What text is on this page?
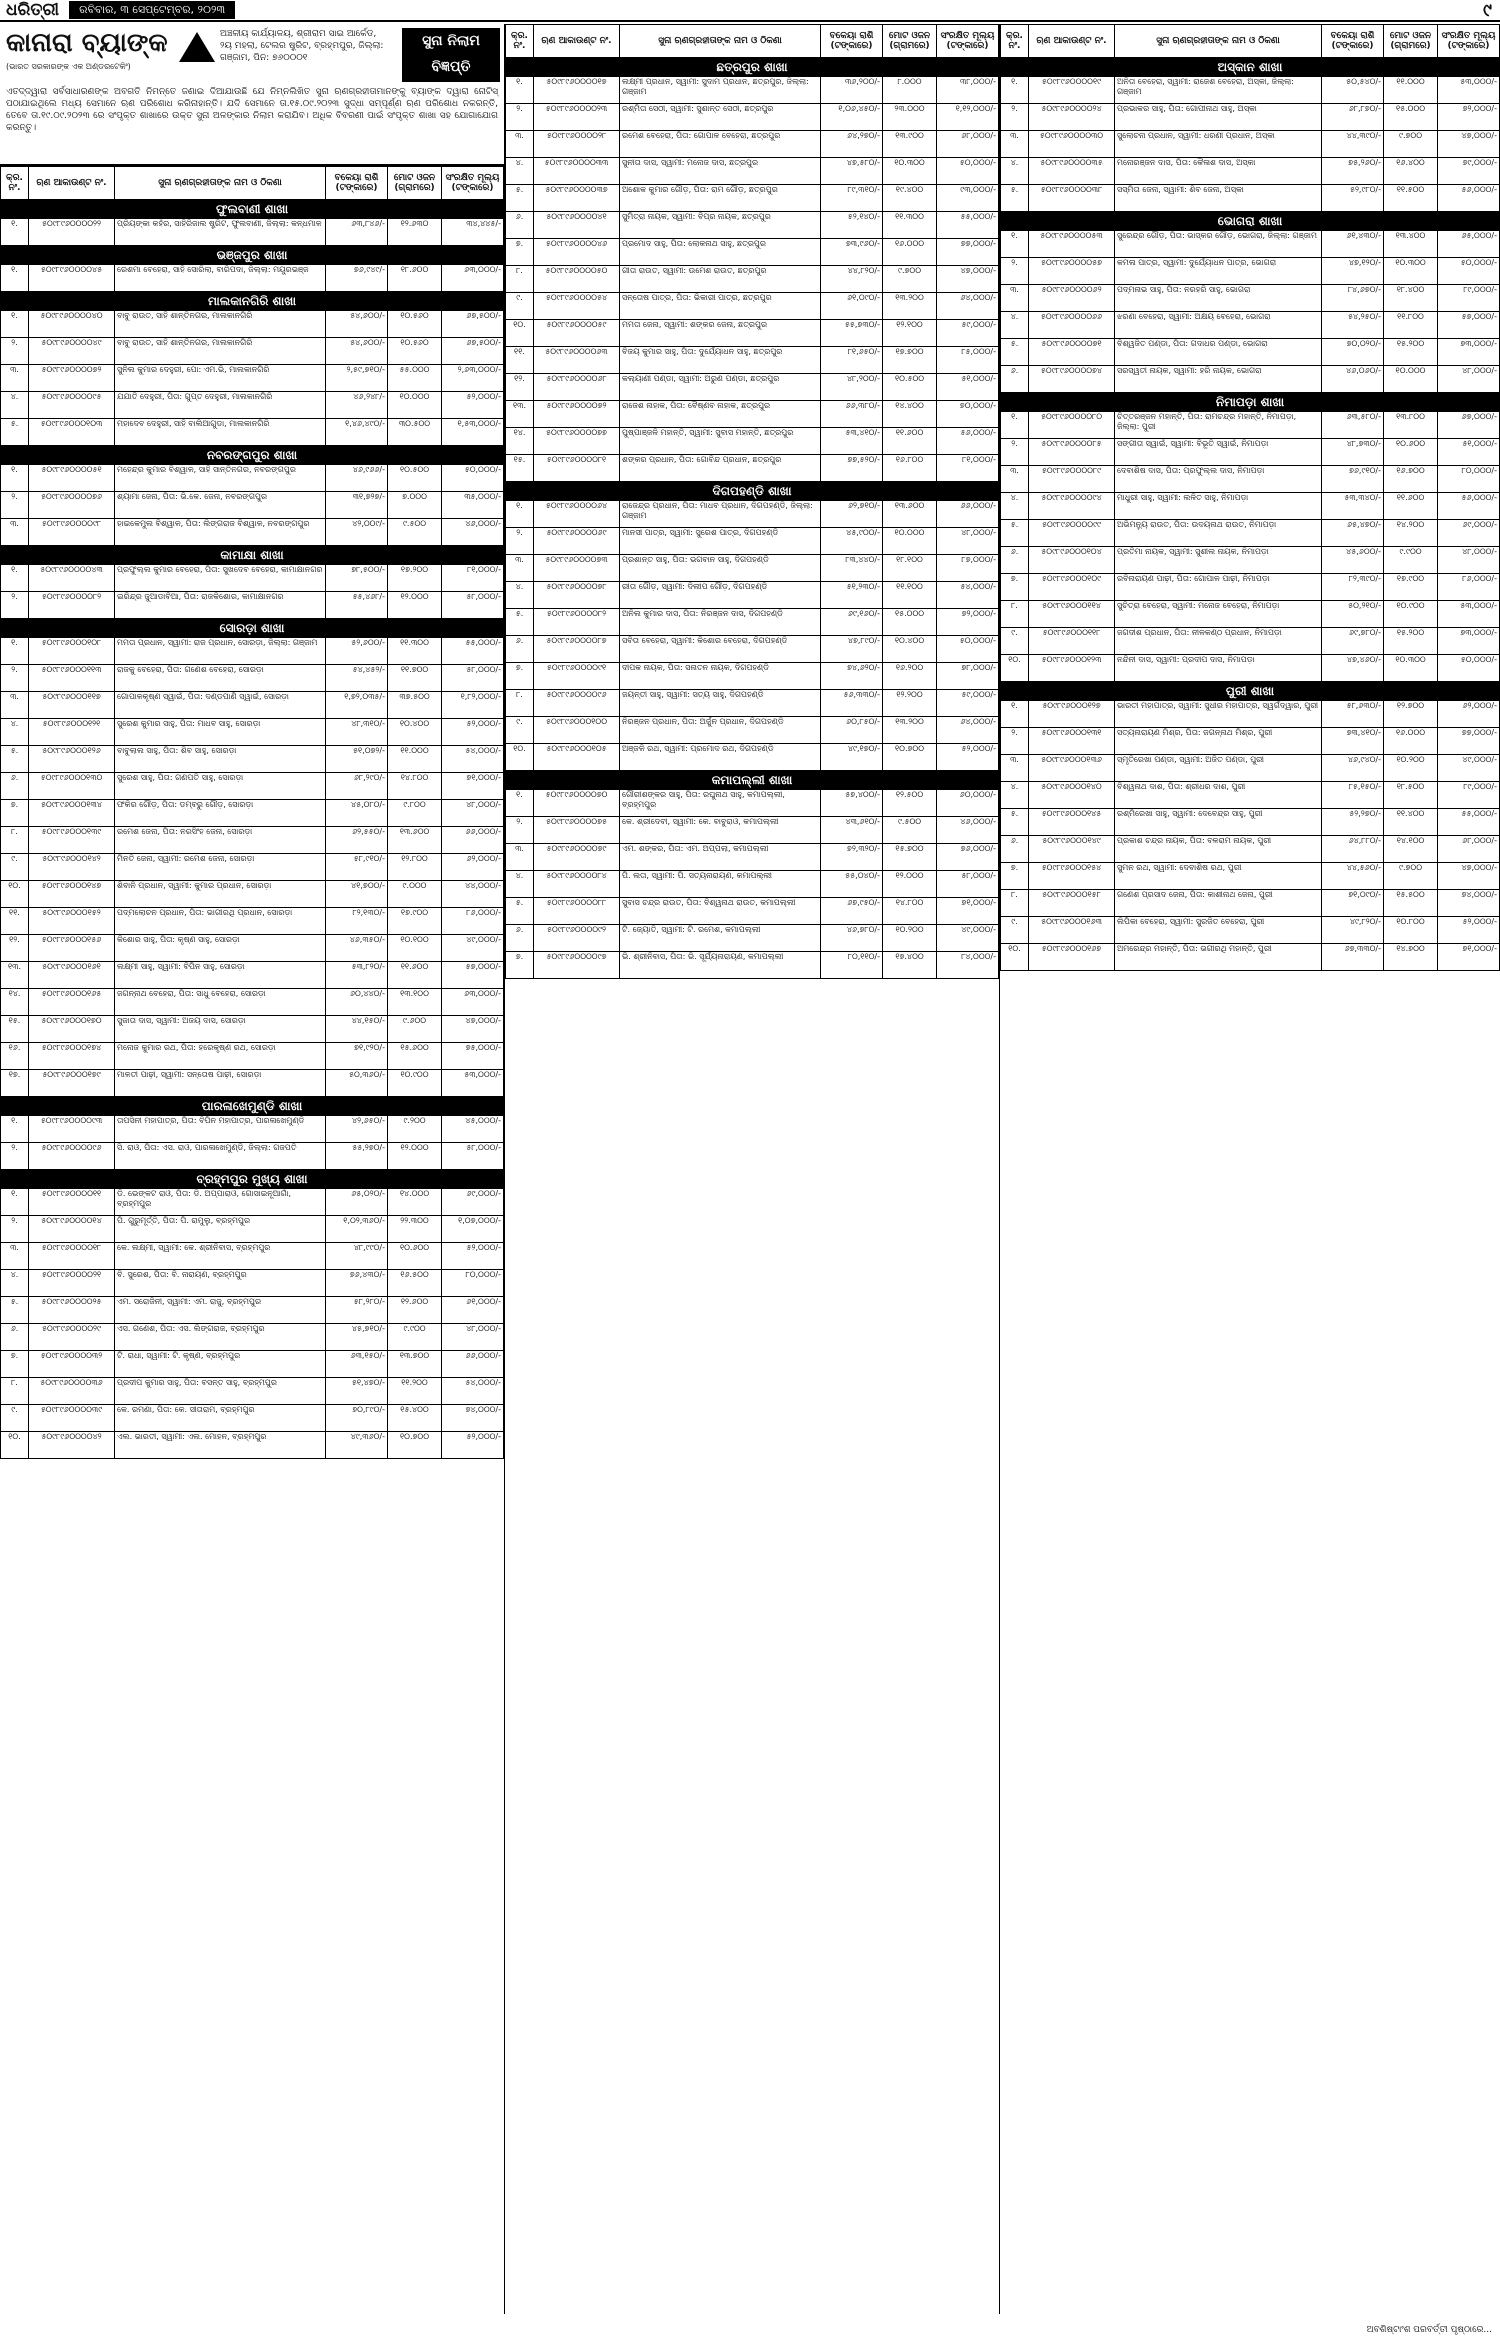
ଧରିତ୍ରୀ	ରବିବାର, ୩ ସେପ୍ଟେମ୍ବର, ୨୦୨୩	୯
କାନାରା ବ୍ୟାଙ୍କ
(ଭାରତ ସରକାରଙ୍କ ଏକ ଅଣ୍ଡରଟେକିଂ)
ଅଞ୍ଚଳୀୟ କାର୍ଯ୍ୟାଳୟ, ଶ୍ରୀରାମ ସାଇ ଆର୍କେଡ, ୨ୟ ମହଲା, ଟେଲର ଷ୍ଟ୍ରିଟ, ବ୍ରହ୍ମପୁର, ଜିଲ୍ଲା: ଗଞ୍ଜାମ, ପିନ: ୭୬୦୦୦୧
ସୁନା ନିଲାମ
ବିଜ୍ଞପ୍ତି
ଏତଦ୍‌ଦ୍ୱାରା ସର୍ବସାଧାରଣଙ୍କ ଅବଗତି ନିମନ୍ତେ ଜଣାଇ ଦିଆଯାଉଛି ଯେ ନିମ୍ନଲିଖିତ ସୁନା ଋଣଗ୍ରହୀତାମାନଙ୍କୁ ବ୍ୟାଙ୍କ ଦ୍ୱାରା ନୋଟିସ୍ ପଠାଯାଇଥିଲେ ମଧ୍ୟ ସେମାନେ ଋଣ ପରିଶୋଧ କରିନାହାନ୍ତି। ଯଦି ସେମାନେ ତା.୧୫.୦୯.୨୦୨୩ ସୁଦ୍ଧା ସମ୍ପୂର୍ଣ୍ଣ ଋଣ ପରିଶୋଧ ନକରନ୍ତି, ତେବେ ତା.୧୯.୦୯.୨୦୨୩ ରେ ସଂପୃକ୍ତ ଶାଖାରେ ଉକ୍ତ ସୁନା ଅଳଙ୍କାର ନିଲାମ କରାଯିବ। ଅଧିକ ବିବରଣୀ ପାଇଁ ସଂପୃକ୍ତ ଶାଖା ସହ ଯୋଗାଯୋଗ କରନ୍ତୁ।
କ୍ର. ନଂ.	ଋଣ ଆକାଉଣ୍ଟ ନଂ.	ସୁନା ଋଣଗ୍ରହୀତାଙ୍କ ନାମ ଓ ଠିକଣା	ବକେୟା ରାଶି (ଟଙ୍କାରେ)	ମୋଟ ଓଜନ (ଗ୍ରାମରେ)	ସଂରକ୍ଷିତ ମୂଲ୍ୟ (ଟଙ୍କାରେ)
ଫୁଲବାଣୀ ଶାଖା					
୧.	୫୦୯୮୯୬୦୦୦୦୨୨	ପ୍ରିୟଙ୍କା କହଁର, ସାହିରିଜାଲ ଷ୍ଟ୍ରିଟ, ଫୁଲବାଣୀ, ଜିଲ୍ଲା: କନ୍ଧମାଳ	୬୩,୮୪୬/-	୧୨.୬୩୦	୩୪,୪୪୫/-
ଭଞ୍ଜପୁର ଶାଖା					
୧.	୫୦୯୮୯୬୦୦୦୦୪୫	ରେଶମା ବେହେରା, ସାହି ସୋରିଲା, ବାରିପଦା, ଜିଲ୍ଲା: ମୟୂରଭଞ୍ଜ	୭୬,୯୪୯/-	୧୮.୬୦୦	୬୩,୦୦୦/-
ମାଲକାନଗିରି ଶାଖା					
୧.	୫୦୯୮୯୬୦୦୦୦୪୦	ବାବୁ ରାଉତ, ସାହି ଶାନ୍ତିନଗର, ମାଲକାନଗିରି	୫୪,୬୦୦/-	୧୦.୫୬୦	୬୭,୫୦୦/-
୨.	୫୦୯୮୯୬୦୦୦୦୪୯	ବାବୁ ରାଉତ, ସାହି ଶାନ୍ତିନଗର, ମାଲକାନଗିରି	୫୪,୬୦୦/-	୧୦.୫୬୦	୬୭,୫୦୦/-
୩.	୫୦୯୮୯୬୦୦୦୦୭୨	ସୁନିଲ କୁମାର ଦେହୁରୀ, ପୋ: ଏମ.ଭି, ମାଲକାନଗିରି	୨,୫୯,୭୧୦/-	୫୫.୦୦୦	୨,୬୩,୦୦୦/-
୪.	୫୦୯୮୯୬୦୦୦୦୯୫	ଯଯାତି ଦେହୁରୀ, ପିତା: ଗୁପ୍ତ ଦେହୁରୀ, ମାଲକାନଗିରି	୪୬,୨୪୮/-	୧୦.୦୦୦	୫୨,୦୦୦/-
୫.	୫୦୯୮୯୬୦୦୦୧୦୩	ମହାଦେବ ଦେହୁରୀ, ସାହି ବାଲିଆଗୁଡା, ମାଲକାନଗିରି	୧,୪୬,୪୯୦/-	୩୦.୫୦୦	୧,୫୩,୦୦୦/-
ନବରଙ୍ଗପୁର ଶାଖା					
୧.	୫୦୯୮୯୬୦୦୦୦୫୧	ମହେନ୍ଦ୍ର କୁମାର ବିଶ୍ୱାଳ, ସାହି ସାନ୍ତିନଗର, ନବରଙ୍ଗପୁର	୪୬,୯୬୬/-	୧୦.୫୦୦	୫୦,୦୦୦/-
୨.	୫୦୯୮୯୬୦୦୦୦୭୬	ଶ୍ୟାମା ଜେନା, ପିତା: ଭି.କେ. ଜେନା, ନବରଙ୍ଗପୁର	୩୧,୭୨୭/-	୭.୦୦୦	୩୫,୦୦୦/-
୩.	୫୦୯୮୯୬୦୦୦୦୯୮	ହାଇକେମୁଲ ବିଶ୍ୱାଳ, ପିତା: ଲିଙ୍ଗରାଜ ବିଶ୍ୱାଳ, ନବରଙ୍ଗପୁର	୪୨,୦୦୯/-	୯.୫୦୦	୪୬,୦୦୦/-
କାମାକ୍ଷା ଶାଖା					
୧.	୫୦୯୮୯୬୦୦୦୦୪୩	ପ୍ରଫୁଲ୍ଲ କୁମାର ବେହେରା, ପିତା: ସୁଖଦେବ ବେହେରା, କାମାକ୍ଷାନଗର	୭୮,୫୦୦/-	୧୭.୨୦୦	୮୧,୦୦୦/-
୨.	୫୦୯୮୯୬୦୦୦୦୮୨	ଇରିନ୍ଦ୍ର ଜୁଆଡାବିଆ, ପିତା: ରାଜକିଶୋର, କାମାକ୍ଷାନଗର	୫୫,୪୬୮/-	୧୨.୦୦୦	୫୮,୦୦୦/-
ସୋରଡ଼ା ଶାଖା					
୧.	୫୦୯୮୯୬୦୦୦୧୦୮	ମମତା ପ୍ରଧାନ, ସ୍ୱାମୀ: ରାଜ ପ୍ରଧାନ, ସୋରଡ଼ା, ଜିଲ୍ଲା: ଗଞ୍ଜାମ	୫୨,୬୦୦/-	୧୧.୩୦୦	୫୫,୦୦୦/-
୨.	୫୦୯୮୯୬୦୦୦୧୧୩	ରାଜକୁ ବେହେରା, ପିତା: ଗଣେଶ ବେହେରା, ସୋରଡ଼ା	୫୪,୪୫୨/-	୧୧.୭୦୦	୫୮,୦୦୦/-
୩.	୫୦୯୮୯୬୦୦୦୧୧୭	ଗୋପାଳକୃଷ୍ଣ ସ୍ୱାଇଁ, ପିତା: ଦଣ୍ଡପାଣି ସ୍ୱାଇଁ, ସୋରଡ଼ା	୧,୭୨,୦୩୫/-	୩୭.୫୦୦	୧,୮୨,୦୦୦/-
୪.	୫୦୯୮୯୬୦୦୦୧୨୧	ସୁରେଶ କୁମାର ସାହୁ, ପିତା: ମାଧବ ସାହୁ, ସୋରଡ଼ା	୪୮,୩୧୦/-	୧୦.୪୦୦	୫୨,୦୦୦/-
୫.	୫୦୯୮୯୬୦୦୦୧୨୬	ବାବୁଲାଲ ସାହୁ, ପିତା: ଶିବ ସାହୁ, ସୋରଡ଼ା	୫୧,୦୭୨/-	୧୧.୦୦୦	୫୪,୦୦୦/-
୬.	୫୦୯୮୯୬୦୦୦୧୩୦	ସୁରେଶ ସାହୁ, ପିତା: ଗଣପତି ସାହୁ, ସୋରଡ଼ା	୬୮,୨୯୦/-	୧୪.୮୦୦	୭୧,୦୦୦/-
୭.	୫୦୯୮୯୬୦୦୦୧୩୪	ଫକିର ଗୌଡ଼, ପିତା: ଡମ୍ବରୁ ଗୌଡ଼, ସୋରଡ଼ା	୪୫,୦୮୦/-	୯.୮୦୦	୪୮,୦୦୦/-
୮.	୫୦୯୮୯୬୦୦୦୧୩୯	ରମେଶ ଜେନା, ପିତା: ନରସିଂହ ଜେନା, ସୋରଡ଼ା	୬୨,୫୫୦/-	୧୩.୬୦୦	୬୬,୦୦୦/-
୯.	୫୦୯୮୯୬୦୦୦୧୪୨	ମିନତି ଜେନା, ସ୍ୱାମୀ: ରମେଶ ଜେନା, ସୋରଡ଼ା	୫୮,୯୧୦/-	୧୨.୮୦୦	୬୨,୦୦୦/-
୧୦.	୫୦୯୮୯୬୦୦୦୧୪୭	ଶିବାନି ପ୍ରଧାନ, ସ୍ୱାମୀ: କୁମାର ପ୍ରଧାନ, ସୋରଡ଼ା	୪୧,୭୦୦/-	୯.୦୦୦	୪୪,୦୦୦/-
୧୧.	୫୦୯୮୯୬୦୦୦୧୫୨	ପଦ୍ମଲୋଚନ ପ୍ରଧାନ, ପିତା: ଭାଗୀରଥି ପ୍ରଧାନ, ସୋରଡ଼ା	୮୨,୧୩୦/-	୧୭.୯୦୦	୮୬,୦୦୦/-
୧୨.	୫୦୯୮୯୬୦୦୦୧୫୬	କିଶୋର ସାହୁ, ପିତା: କୃଷ୍ଣ ସାହୁ, ସୋରଡ଼ା	୪୬,୩୫୦/-	୧୦.୧୦୦	୪୯,୦୦୦/-
୧୩.	୫୦୯୮୯୬୦୦୦୧୬୧	ଲକ୍ଷ୍ମୀ ସାହୁ, ସ୍ୱାମୀ: ବିପିନ ସାହୁ, ସୋରଡ଼ା	୫୩,୮୨୦/-	୧୧.୬୦୦	୫୭,୦୦୦/-
୧୪.	୫୦୯୮୯୬୦୦୦୧୬୫	ଜଗନ୍ନାଥ ବେହେରା, ପିତା: ସାଧୁ ବେହେରା, ସୋରଡ଼ା	୬୦,୪୪୦/-	୧୩.୧୦୦	୬୩,୦୦୦/-
୧୫.	୫୦୯୮୯୬୦୦୦୧୭୦	ସୁଜାତା ଦାସ, ସ୍ୱାମୀ: ଅଜୟ ଦାସ, ସୋରଡ଼ା	୪୪,୧୫୦/-	୯.୬୦୦	୪୭,୦୦୦/-
୧୬.	୫୦୯୮୯୬୦୦୦୧୭୪	ମନୋଜ କୁମାର ରଥ, ପିତା: ହରେକୃଷ୍ଣ ରଥ, ସୋରଡ଼ା	୭୧,୯୨୦/-	୧୫.୬୦୦	୭୫,୦୦୦/-
୧୭.	୫୦୯୮୯୬୦୦୦୧୭୯	ମାଳତୀ ପାଢ଼ୀ, ସ୍ୱାମୀ: ସନ୍ତୋଷ ପାଢ଼ୀ, ସୋରଡ଼ା	୫୦,୩୬୦/-	୧୦.୯୦୦	୫୩,୦୦୦/-
ପାରଳାଖେମୁଣ୍ଡି ଶାଖା					
୧.	୫୦୯୮୯୬୦୦୦୦୯୩	ତାପସିନୀ ମହାପାତ୍ର, ପିତା: ବିପିନ ମହାପାତ୍ର, ପାରଳାଖେମୁଣ୍ଡି	୪୨,୬୫୦/-	୯.୨୦୦	୪୫,୦୦୦/-
୨.	୫୦୯୮୯୬୦୦୦୦୯୬	ସି. ରାଓ, ପିତା: ଏସ. ରାଓ, ପାରଳାଖେମୁଣ୍ଡି, ଜିଲ୍ଲା: ଗଜପତି	୫୫,୨୭୦/-	୧୨.୦୦୦	୫୮,୦୦୦/-
ବ୍ରହ୍ମପୁର ମୁଖ୍ୟ ଶାଖା					
୧.	୫୦୯୮୯୬୦୦୦୦୧୧	ଡି. ଭେଙ୍କଟ ରାଓ, ପିତା: ଡି. ଅପ୍ପାରାଓ, ଗୋସାଇନୂଆଗାଁ, ବ୍ରହ୍ମପୁର	୬୫,୦୨୦/-	୧୪.୦୦୦	୬୯,୦୦୦/-
୨.	୫୦୯୮୯୬୦୦୦୦୧୪	ପି. ଗୁରୁମୂର୍ତ୍ତି, ପିତା: ପି. ରାମୁଲୁ, ବ୍ରହ୍ମପୁର	୧,୦୨,୩୬୦/-	୨୨.୩୦୦	୧,୦୭,୦୦୦/-
୩.	୫୦୯୮୯୬୦୦୦୦୧୮	କେ. ଲକ୍ଷ୍ମୀ, ସ୍ୱାମୀ: କେ. ଶ୍ରୀନିବାସ, ବ୍ରହ୍ମପୁର	୪୮,୯୯୦/-	୧୦.୬୦୦	୫୨,୦୦୦/-
୪.	୫୦୯୮୯୬୦୦୦୦୨୧	ବି. ସୁରେଶ, ପିତା: ବି. ନାରାୟଣ, ବ୍ରହ୍ମପୁର	୭୬,୪୩୦/-	୧୬.୫୦୦	୮୦,୦୦୦/-
୫.	୫୦୯୮୯୬୦୦୦୦୨୫	ଏମ. ସରୋଜିନୀ, ସ୍ୱାମୀ: ଏମ. ରାଜୁ, ବ୍ରହ୍ମପୁର	୫୮,୨୮୦/-	୧୨.୬୦୦	୬୧,୦୦୦/-
୬.	୫୦୯୮୯୬୦୦୦୦୨୯	ଏସ. ଗଣେଶ, ପିତା: ଏସ. ଲିଙ୍ଗରାଜ, ବ୍ରହ୍ମପୁର	୪୫,୭୧୦/-	୯.୯୦୦	୪୮,୦୦୦/-
୭.	୫୦୯୮୯୬୦୦୦୦୩୨	ଟି. ରାଧା, ସ୍ୱାମୀ: ଟି. କୃଷ୍ଣ, ବ୍ରହ୍ମପୁର	୬୩,୧୫୦/-	୧୩.୭୦୦	୬୬,୦୦୦/-
୮.	୫୦୯୮୯୬୦୦୦୦୩୬	ପ୍ରଦୀପ କୁମାର ସାହୁ, ପିତା: ବସନ୍ତ ସାହୁ, ବ୍ରହ୍ମପୁର	୫୧,୪୭୦/-	୧୧.୨୦୦	୫୪,୦୦୦/-
୯.	୫୦୯୮୯୬୦୦୦୦୩୯	କେ. ରମଣା, ପିତା: କେ. ସୀତାରାମ, ବ୍ରହ୍ମପୁର	୭୦,୮୯୦/-	୧୫.୪୦୦	୭୪,୦୦୦/-
୧୦.	୫୦୯୮୯୬୦୦୦୦୪୨	ଏଲ. ଭାରତୀ, ସ୍ୱାମୀ: ଏଲ. ମୋହନ, ବ୍ରହ୍ମପୁର	୪୯,୩୬୦/-	୧୦.୭୦୦	୫୨,୦୦୦/-
କ୍ର. ନଂ.	ଋଣ ଆକାଉଣ୍ଟ ନଂ.	ସୁନା ଋଣଗ୍ରହୀତାଙ୍କ ନାମ ଓ ଠିକଣା	ବକେୟା ରାଶି (ଟଙ୍କାରେ)	ମୋଟ ଓଜନ (ଗ୍ରାମରେ)	ସଂରକ୍ଷିତ ମୂଲ୍ୟ (ଟଙ୍କାରେ)
ଛତ୍ରପୁର ଶାଖା					
୧.	୫୦୯୮୯୬୦୦୦୦୧୭	ଲକ୍ଷ୍ମୀ ପ୍ରଧାନ, ସ୍ୱାମୀ: ସୁଦାମ ପ୍ରଧାନ, ଛତ୍ରପୁର, ଜିଲ୍ଲା: ଗଞ୍ଜାମ	୩୬,୨୦୦/-	୮.୦୦୦	୩୮,୦୦୦/-
୨.	୫୦୯୮୯୬୦୦୦୦୨୩	ରଶ୍ମିତା ସେଠୀ, ସ୍ୱାମୀ: ସୁଶାନ୍ତ ସେଠୀ, ଛତ୍ରପୁର	୧,୦୬,୪୫୦/-	୨୩.୦୦୦	୧,୧୨,୦୦୦/-
୩.	୫୦୯୮୯୬୦୦୦୦୨୮	ରମେଶ ବେହେରା, ପିତା: ଗୋପାଳ ବେହେରା, ଛତ୍ରପୁର	୬୪,୨୭୦/-	୧୩.୯୦୦	୬୮,୦୦୦/-
୪.	୫୦୯୮୯୬୦୦୦୦୩୩	ସୁନୀତା ଦାସ, ସ୍ୱାମୀ: ମନୋଜ ଦାସ, ଛତ୍ରପୁର	୪୭,୫୮୦/-	୧୦.୩୦୦	୫୦,୦୦୦/-
୫.	୫୦୯୮୯୬୦୦୦୦୩୭	ଅଶୋକ କୁମାର ଗୌଡ଼, ପିତା: ରାମ ଗୌଡ଼, ଛତ୍ରପୁର	୮୯,୩୧୦/-	୧୯.୪୦୦	୯୩,୦୦୦/-
୬.	୫୦୯୮୯୬୦୦୦୦୪୧	ସୁମିତ୍ରା ନାୟକ, ସ୍ୱାମୀ: ବିପ୍ର ନାୟକ, ଛତ୍ରପୁର	୫୨,୧୪୦/-	୧୧.୩୦୦	୫୫,୦୦୦/-
୭.	୫୦୯୮୯୬୦୦୦୦୪୬	ପ୍ରମୋଦ ସାହୁ, ପିତା: ଲୋକନାଥ ସାହୁ, ଛତ୍ରପୁର	୭୩,୯୬୦/-	୧୬.୦୦୦	୭୭,୦୦୦/-
୮.	୫୦୯୮୯୬୦୦୦୦୫୦	ଗୀତା ରାଉତ, ସ୍ୱାମୀ: ଉମେଶ ରାଉତ, ଛତ୍ରପୁର	୪୪,୮୨୦/-	୯.୭୦୦	୪୭,୦୦୦/-
୯.	୫୦୯୮୯୬୦୦୦୦୫୪	ସନ୍ତୋଷ ପାତ୍ର, ପିତା: ଭିକାରୀ ପାତ୍ର, ଛତ୍ରପୁର	୬୧,୦୯୦/-	୧୩.୨୦୦	୬୪,୦୦୦/-
୧୦.	୫୦୯୮୯୬୦୦୦୦୫୯	ମମତା ଜେନା, ସ୍ୱାମୀ: ଶଙ୍କର ଜେନା, ଛତ୍ରପୁର	୫୫,୭୩୦/-	୧୨.୧୦୦	୫୯,୦୦୦/-
୧୧.	୫୦୯୮୯୬୦୦୦୦୬୩	ବିଜୟ କୁମାର ସାହୁ, ପିତା: ଦୁର୍ଯ୍ୟୋଧନ ସାହୁ, ଛତ୍ରପୁର	୮୧,୬୫୦/-	୧୭.୭୦୦	୮୫,୦୦୦/-
୧୨.	୫୦୯୮୯୬୦୦୦୦୬୮	କଲ୍ୟାଣୀ ପଣ୍ଡା, ସ୍ୱାମୀ: ଅରୁଣ ପଣ୍ଡା, ଛତ୍ରପୁର	୪୮,୨୦୦/-	୧୦.୫୦୦	୫୧,୦୦୦/-
୧୩.	୫୦୯୮୯୬୦୦୦୦୭୨	ରାଜେଶ ନାହାକ, ପିତା: ବୈଷ୍ଣବ ନାହାକ, ଛତ୍ରପୁର	୬୬,୩୮୦/-	୧୪.୪୦୦	୭୦,୦୦୦/-
୧୪.	୫୦୯୮୯୬୦୦୦୦୭୭	ପୁଷ୍ପାଞ୍ଜଳି ମହାନ୍ତି, ସ୍ୱାମୀ: ସୁବାସ ମହାନ୍ତି, ଛତ୍ରପୁର	୫୩,୪୧୦/-	୧୧.୬୦୦	୫୬,୦୦୦/-
୧୫.	୫୦୯୮୯୬୦୦୦୦୮୧	ଶଙ୍କର ପ୍ରଧାନ, ପିତା: ଗୋବିନ୍ଦ ପ୍ରଧାନ, ଛତ୍ରପୁର	୭୭,୫୨୦/-	୧୬.୮୦୦	୮୧,୦୦୦/-
ଦିଗପହଣ୍ଡି ଶାଖା					
୧.	୫୦୯୮୯୬୦୦୦୦୬୪	ରାଜେନ୍ଦ୍ର ପ୍ରଧାନ, ପିତା: ମାଧବ ପ୍ରଧାନ, ଦିଗପହଣ୍ଡି, ଜିଲ୍ଲା: ଗଞ୍ଜାମ	୬୨,୭୧୦/-	୧୩.୬୦୦	୬୬,୦୦୦/-
୨.	୫୦୯୮୯୬୦୦୦୦୬୯	ମାନସୀ ପାତ୍ର, ସ୍ୱାମୀ: ସୁରେଶ ପାତ୍ର, ଦିଗପହଣ୍ଡି	୪୫,୯୦୦/-	୧୦.୦୦୦	୪୮,୦୦୦/-
୩.	୫୦୯୮୯୬୦୦୦୦୭୩	ପ୍ରଶାନ୍ତ ସାହୁ, ପିତା: ଭଗବାନ ସାହୁ, ଦିଗପହଣ୍ଡି	୮୩,୪୪୦/-	୧୮.୧୦୦	୮୭,୦୦୦/-
୪.	୫୦୯୮୯୬୦୦୦୦୭୮	ରୀତା ଗୌଡ଼, ସ୍ୱାମୀ: ଦିଲୀପ ଗୌଡ଼, ଦିଗପହଣ୍ଡି	୫୧,୨୩୦/-	୧୧.୧୦୦	୫୪,୦୦୦/-
୫.	୫୦୯୮୯୬୦୦୦୦୮୨	ଅନିଲ କୁମାର ଦାସ, ପିତା: ନିରଞ୍ଜନ ଦାସ, ଦିଗପହଣ୍ଡି	୬୯,୧୬୦/-	୧୫.୦୦୦	୭୨,୦୦୦/-
୬.	୫୦୯୮୯୬୦୦୦୦୮୭	ସବିତା ବେହେରା, ସ୍ୱାମୀ: କିଶୋର ବେହେରା, ଦିଗପହଣ୍ଡି	୪୭,୮୯୦/-	୧୦.୪୦୦	୫୦,୦୦୦/-
୭.	୫୦୯୮୯୬୦୦୦୦୯୧	ଦୀପକ ନାୟକ, ପିତା: ସନାତନ ନାୟକ, ଦିଗପହଣ୍ଡି	୭୪,୬୨୦/-	୧୬.୨୦୦	୭୮,୦୦୦/-
୮.	୫୦୯୮୯୬୦୦୦୦୯୬	ଜୟନ୍ତୀ ସାହୁ, ସ୍ୱାମୀ: ସତ୍ୟ ସାହୁ, ଦିଗପହଣ୍ଡି	୫୬,୩୩୦/-	୧୨.୨୦୦	୫୯,୦୦୦/-
୯.	୫୦୯୮୯୬୦୦୦୧୦୦	ନିରଞ୍ଜନ ପ୍ରଧାନ, ପିତା: ଅର୍ଜୁନ ପ୍ରଧାନ, ଦିଗପହଣ୍ଡି	୬୦,୮୫୦/-	୧୩.୨୦୦	୬୪,୦୦୦/-
୧୦.	୫୦୯୮୯୬୦୦୦୧୦୫	ଅଞ୍ଜଳି ରଥ, ସ୍ୱାମୀ: ପ୍ରମୋଦ ରଥ, ଦିଗପହଣ୍ଡି	୪୯,୧୭୦/-	୧୦.୭୦୦	୫୨,୦୦୦/-
କମାପଲ୍ଲୀ ଶାଖା					
୧.	୫୦୯୮୯୬୦୦୦୦୭୦	ଗୌରୀଶଙ୍କର ସାହୁ, ପିତା: ରଘୁନାଥ ସାହୁ, କମାପଲ୍ଲୀ, ବ୍ରହ୍ମପୁର	୫୭,୪୦୦/-	୧୨.୫୦୦	୬୦,୦୦୦/-
୨.	୫୦୯୮୯୬୦୦୦୦୭୫	କେ. ଶ୍ରୀଦେବୀ, ସ୍ୱାମୀ: କେ. ବାବୁରାଓ, କମାପଲ୍ଲୀ	୪୩,୬୧୦/-	୯.୫୦୦	୪୬,୦୦୦/-
୩.	୫୦୯୮୯୬୦୦୦୦୭୯	ଏମ. ଶଙ୍କର, ପିତା: ଏମ. ଅପ୍ପଲା, କମାପଲ୍ଲୀ	୭୨,୩୨୦/-	୧୫.୭୦୦	୭୬,୦୦୦/-
୪.	୫୦୯୮୯୬୦୦୦୦୮୪	ପି. ଲତା, ସ୍ୱାମୀ: ପି. ସତ୍ୟନାରାୟଣ, କମାପଲ୍ଲୀ	୫୫,୦୪୦/-	୧୨.୦୦୦	୫୮,୦୦୦/-
୫.	୫୦୯୮୯୬୦୦୦୦୮୮	ସୁବାସ ଚନ୍ଦ୍ର ରାଉତ, ପିତା: ବିଶ୍ୱନାଥ ରାଉତ, କମାପଲ୍ଲୀ	୬୭,୯୫୦/-	୧୪.୮୦୦	୭୧,୦୦୦/-
୬.	୫୦୯୮୯୬୦୦୦୦୯୨	ଟି. ଜ୍ୟୋତି, ସ୍ୱାମୀ: ଟି. ରମେଶ, କମାପଲ୍ଲୀ	୪୬,୭୮୦/-	୧୦.୨୦୦	୪୯,୦୦୦/-
୭.	୫୦୯୮୯୬୦୦୦୦୯୭	ଭି. ଶ୍ରୀନିବାସ, ପିତା: ଭି. ସୂର୍ଯ୍ୟନାରାୟଣ, କମାପଲ୍ଲୀ	୮୦,୧୧୦/-	୧୭.୪୦୦	୮୪,୦୦୦/-
କ୍ର. ନଂ.	ଋଣ ଆକାଉଣ୍ଟ ନଂ.	ସୁନା ଋଣଗ୍ରହୀତାଙ୍କ ନାମ ଓ ଠିକଣା	ବକେୟା ରାଶି (ଟଙ୍କାରେ)	ମୋଟ ଓଜନ (ଗ୍ରାମରେ)	ସଂରକ୍ଷିତ ମୂଲ୍ୟ (ଟଙ୍କାରେ)
ଅସ୍କାନ ଶାଖା					
୧.	୫୦୯୮୯୬୦୦୦୦୧୯	ଅନିତା ବେହେରା, ସ୍ୱାମୀ: ରାଜେଶ ବେହେରା, ଅସ୍କା, ଜିଲ୍ଲା: ଗଞ୍ଜାମ	୫୦,୫୪୦/-	୧୧.୦୦୦	୫୩,୦୦୦/-
୨.	୫୦୯୮୯୬୦୦୦୦୨୪	ପ୍ରଭାକର ସାହୁ, ପିତା: ଗୋପୀନାଥ ସାହୁ, ଅସ୍କା	୬୮,୮୭୦/-	୧୫.୦୦୦	୭୨,୦୦୦/-
୩.	୫୦୯୮୯୬୦୦୦୦୩୦	ସୁଲୋଚନା ପ୍ରଧାନ, ସ୍ୱାମୀ: ଧରଣୀ ପ୍ରଧାନ, ଅସ୍କା	୪୪,୩୯୦/-	୯.୭୦୦	୪୭,୦୦୦/-
୪.	୫୦୯୮୯୬୦୦୦୦୩୫	ମନୋରଞ୍ଜନ ଦାସ, ପିତା: କୈଳାଶ ଦାସ, ଅସ୍କା	୭୫,୨୬୦/-	୧୬.୪୦୦	୭୯,୦୦୦/-
୫.	୫୦୯୮୯୬୦୦୦୦୩୮	ସସ୍ମିତା ଜେନା, ସ୍ୱାମୀ: ଶିବ ଜେନା, ଅସ୍କା	୫୨,୯୮୦/-	୧୧.୫୦୦	୫୬,୦୦୦/-
ଭୋଗରା ଶାଖା					
୧.	୫୦୯୮୯୬୦୦୦୦୫୩	ସୁରେନ୍ଦ୍ର ଗୌଡ଼, ପିତା: ଭାସ୍କର ଗୌଡ଼, ଭୋଗରା, ଜିଲ୍ଲା: ଗଞ୍ଜାମ	୬୧,୪୩୦/-	୧୩.୪୦୦	୬୫,୦୦୦/-
୨.	୫୦୯୮୯୬୦୦୦୦୫୭	କମଳା ପାତ୍ର, ସ୍ୱାମୀ: ଦୁର୍ଯ୍ୟୋଧନ ପାତ୍ର, ଭୋଗରା	୪୭,୧୨୦/-	୧୦.୩୦୦	୫୦,୦୦୦/-
୩.	୫୦୯୮୯୬୦୦୦୦୬୨	ପଦ୍ମନାଭ ସାହୁ, ପିତା: ନରହରି ସାହୁ, ଭୋଗରା	୮୪,୬୭୦/-	୧୮.୪୦୦	୮୯,୦୦୦/-
୪.	୫୦୯୮୯୬୦୦୦୦୬୬	ଝରଣା ବେହେରା, ସ୍ୱାମୀ: ଅକ୍ଷୟ ବେହେରା, ଭୋଗରା	୫୪,୨୫୦/-	୧୧.୮୦୦	୫୭,୦୦୦/-
୫.	୫୦୯୮୯୬୦୦୦୦୭୧	ବିଶ୍ୱଜିତ ପଣ୍ଡା, ପିତା: ଗଦାଧର ପଣ୍ଡା, ଭୋଗରା	୭୦,୦୨୦/-	୧୫.୨୦୦	୭୩,୦୦୦/-
୬.	୫୦୯୮୯୬୦୦୦୦୭୪	ସରସ୍ୱତୀ ନାୟକ, ସ୍ୱାମୀ: ହରି ନାୟକ, ଭୋଗରା	୪୬,୦୬୦/-	୧୦.୦୦୦	୪୮,୦୦୦/-
ନିମାପଡ଼ା ଶାଖା					
୧.	୫୦୯୮୯୬୦୦୦୦୮୦	ଚିତ୍ତରଞ୍ଜନ ମହାନ୍ତି, ପିତା: ରାମଚନ୍ଦ୍ର ମହାନ୍ତି, ନିମାପଡ଼ା, ଜିଲ୍ଲା: ପୁରୀ	୬୩,୫୮୦/-	୧୩.୮୦୦	୬୭,୦୦୦/-
୨.	୫୦୯୮୯୬୦୦୦୦୮୫	ସଙ୍ଗୀତା ସ୍ୱାଇଁ, ସ୍ୱାମୀ: ବିଭୂତି ସ୍ୱାଇଁ, ନିମାପଡ଼ା	୪୮,୭୩୦/-	୧୦.୬୦୦	୫୧,୦୦୦/-
୩.	୫୦୯୮୯୬୦୦୦୦୮୯	ଦେବାଶିଷ ଦାସ, ପିତା: ପ୍ରଫୁଲ୍ଲ ଦାସ, ନିମାପଡ଼ା	୭୬,୯୧୦/-	୧୬.୭୦୦	୮୦,୦୦୦/-
୪.	୫୦୯୮୯୬୦୦୦୦୯୪	ମାଧୁରୀ ସାହୁ, ସ୍ୱାମୀ: ଲଳିତ ସାହୁ, ନିମାପଡ଼ା	୫୩,୩୪୦/-	୧୧.୬୦୦	୫୬,୦୦୦/-
୫.	୫୦୯୮୯୬୦୦୦୦୯୯	ଅଭିମନ୍ୟୁ ରାଉତ, ପିତା: ଉଦୟନାଥ ରାଉତ, ନିମାପଡ଼ା	୬୫,୪୭୦/-	୧୪.୨୦୦	୬୯,୦୦୦/-
୬.	୫୦୯୮୯୬୦୦୦୧୦୪	ପ୍ରତିମା ନାୟକ, ସ୍ୱାମୀ: ସୁଶୀଲ ନାୟକ, ନିମାପଡ଼ା	୪୫,୬୦୦/-	୯.୯୦୦	୪୮,୦୦୦/-
୭.	୫୦୯୮୯୬୦୦୦୧୦୯	ରବିନାରାୟଣ ପାଢ଼ୀ, ପିତା: ଗୋପାଳ ପାଢ଼ୀ, ନିମାପଡ଼ା	୮୨,୩୯୦/-	୧୭.୯୦୦	୮୬,୦୦୦/-
୮.	୫୦୯୮୯୬୦୦୦୧୧୪	ସୁଚିତ୍ରା ବେହେରା, ସ୍ୱାମୀ: ମନୋଜ ବେହେରା, ନିମାପଡ଼ା	୫୦,୨୧୦/-	୧୦.୯୦୦	୫୩,୦୦୦/-
୯.	୫୦୯୮୯୬୦୦୦୧୧୮	ଜଗଦୀଶ ପ୍ରଧାନ, ପିତା: ନୀଳକଣ୍ଠ ପ୍ରଧାନ, ନିମାପଡ଼ା	୬୯,୭୮୦/-	୧୫.୨୦୦	୭୩,୦୦୦/-
୧୦.	୫୦୯୮୯୬୦୦୦୧୨୩	ନନ୍ଦିନୀ ଦାସ, ସ୍ୱାମୀ: ପ୍ରଦୀପ ଦାସ, ନିମାପଡ଼ା	୪୭,୪୬୦/-	୧୦.୩୦୦	୫୦,୦୦୦/-
ପୁରୀ ଶାଖା					
୧.	୫୦୯୮୯୬୦୦୦୧୨୭	ଭାରତୀ ମହାପାତ୍ର, ସ୍ୱାମୀ: ସୁଧୀର ମହାପାତ୍ର, ସ୍ୱର୍ଗଦ୍ୱାର, ପୁରୀ	୫୮,୬୩୦/-	୧୨.୭୦୦	୬୨,୦୦୦/-
୨.	୫୦୯୮୯୬୦୦୦୧୩୧	ସତ୍ୟନାରାୟଣ ମିଶ୍ର, ପିତା: ଜଗନ୍ନାଥ ମିଶ୍ର, ପୁରୀ	୭୩,୪୧୦/-	୧୬.୦୦୦	୭୭,୦୦୦/-
୩.	୫୦୯୮୯୬୦୦୦୧୩୬	ସ୍ମୃତିରେଖା ପଣ୍ଡା, ସ୍ୱାମୀ: ଅଜିତ ପଣ୍ଡା, ପୁରୀ	୪୬,୯୪୦/-	୧୦.୨୦୦	୪୯,୦୦୦/-
୪.	୫୦୯୮୯୬୦୦୦୧୪୦	ବିଶ୍ୱନାଥ ଦାଶ, ପିତା: ଶ୍ରୀଧର ଦାଶ, ପୁରୀ	୮୫,୧୫୦/-	୧୮.୫୦୦	୮୯,୦୦୦/-
୫.	୫୦୯୮୯୬୦୦୦୧୪୫	ରଶ୍ମିରେଖା ସାହୁ, ସ୍ୱାମୀ: ଦେବେନ୍ଦ୍ର ସାହୁ, ପୁରୀ	୫୨,୨୭୦/-	୧୧.୪୦୦	୫୫,୦୦୦/-
୬.	୫୦୯୮୯୬୦୦୦୧୪୯	ପ୍ରକାଶ ଚନ୍ଦ୍ର ନାୟକ, ପିତା: ବଳରାମ ନାୟକ, ପୁରୀ	୬୪,୮୮୦/-	୧୪.୧୦୦	୬୮,୦୦୦/-
୭.	୫୦୯୮୯୬୦୦୦୧୫୪	ସୁମନ ରଥ, ସ୍ୱାମୀ: ଦେବାଶିଷ ରଥ, ପୁରୀ	୪୪,୫୬୦/-	୯.୭୦୦	୪୭,୦୦୦/-
୮.	୫୦୯୮୯୬୦୦୦୧୫୮	ଗଣେଶ ପ୍ରସାଦ ଜେନା, ପିତା: କାଶୀନାଥ ଜେନା, ପୁରୀ	୭୧,୦୯୦/-	୧୫.୫୦୦	୭୪,୦୦୦/-
୯.	୫୦୯୮୯୬୦୦୦୧୬୩	ଲିପିକା ବେହେରା, ସ୍ୱାମୀ: ସୁରଜିତ ବେହେରା, ପୁରୀ	୪୯,୮୨୦/-	୧୦.୮୦୦	୫୨,୦୦୦/-
୧୦.	୫୦୯୮୯୬୦୦୦୧୬୭	ଅମରେନ୍ଦ୍ର ମହାନ୍ତି, ପିତା: ଭଗୀରଥି ମହାନ୍ତି, ପୁରୀ	୬୭,୩୩୦/-	୧୪.୭୦୦	୭୧,୦୦୦/-
ଅବଶିଷ୍ଟାଂଶ ପରବର୍ତ୍ତୀ ପୃଷ୍ଠାରେ...
